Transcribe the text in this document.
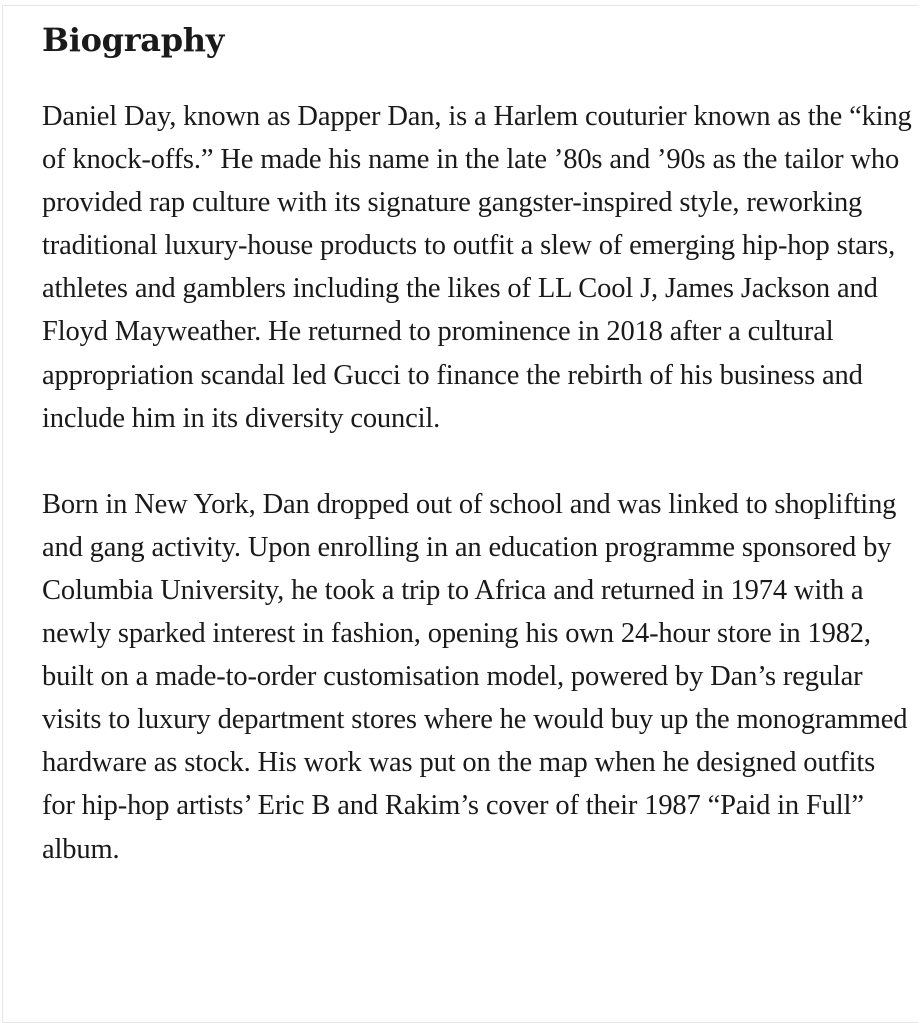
Biography

Daniel Day, known as Dapper Dan, is a Harlem couturier known as the “king of knock-offs.” He made his name in the late ’80s and ’90s as the tailor who provided rap culture with its signature gangster-inspired style, reworking traditional luxury-house products to outfit a slew of emerging hip-hop stars, athletes and gamblers including the likes of LL Cool J, James Jackson and Floyd Mayweather. He returned to prominence in 2018 after a cultural appropriation scandal led Gucci to finance the rebirth of his business and include him in its diversity council.

Born in New York, Dan dropped out of school and was linked to shoplifting and gang activity. Upon enrolling in an education programme sponsored by Columbia University, he took a trip to Africa and returned in 1974 with a newly sparked interest in fashion, opening his own 24-hour store in 1982, built on a made-to-order customisation model, powered by Dan’s regular visits to luxury department stores where he would buy up the monogrammed hardware as stock. His work was put on the map when he designed outfits for hip-hop artists’ Eric B and Rakim’s cover of their 1987 “Paid in Full” album.
